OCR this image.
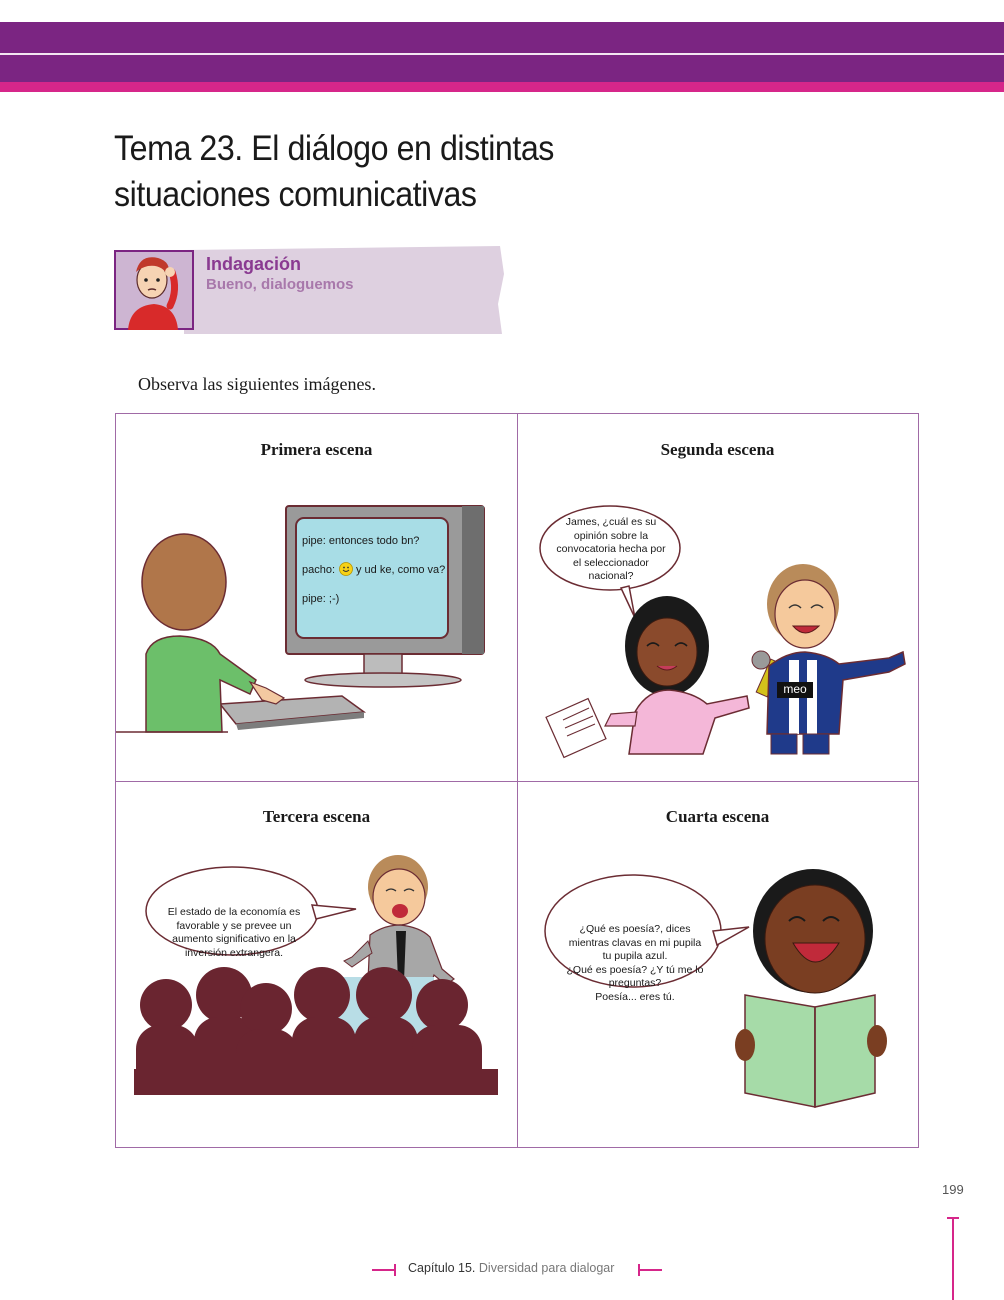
Tema 23. El diálogo en distintas
situaciones comunicativas
Indagación
Bueno, dialoguemos
Observa las siguientes imágenes.
Primera escena
pipe: entonces todo bn?
pacho: y ud ke, como va?
pipe: ;-)
Segunda escena
James, ¿cuál es su
opinión sobre la
convocatoria hecha por
el seleccionador
nacional?
meo
Tercera escena
El estado de la economía es
favorable y se prevee un
aumento significativo en la
inversión extrangera.
Cuarta escena
¿Qué es poesía?, dices
mientras clavas en mi pupila
tu pupila azul.
¿Qué es poesía? ¿Y tú me lo
preguntas?
Poesía... eres tú.
199
Capítulo 15. Diversidad para dialogar
